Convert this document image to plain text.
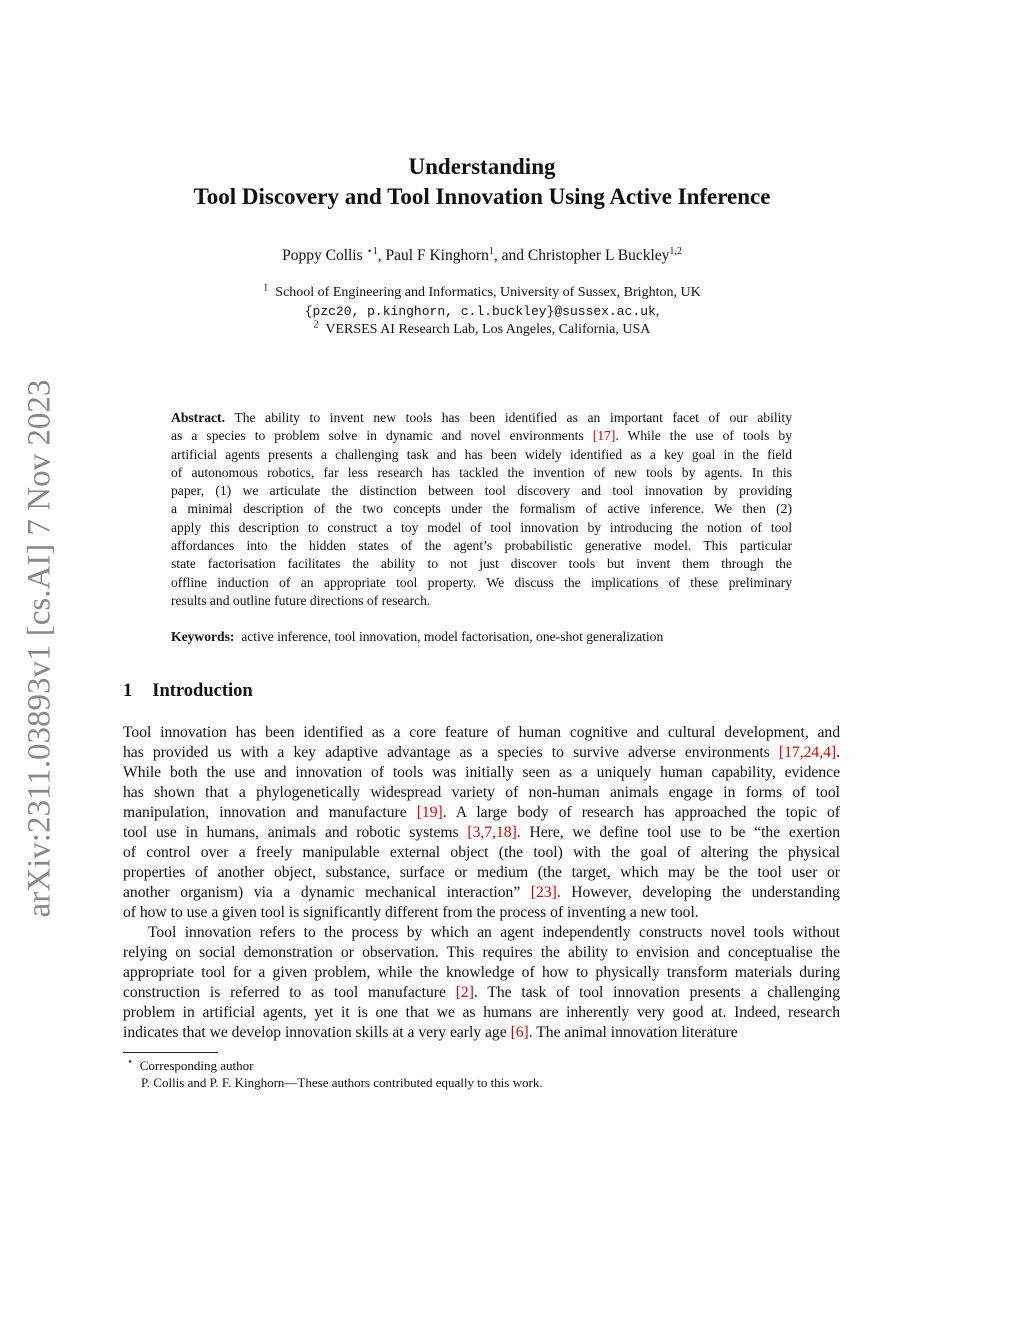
arXiv:2311.03893v1 [cs.AI] 7 Nov 2023
Understanding
Tool Discovery and Tool Innovation Using Active Inference
Poppy Collis $^{⋆1}$, Paul F Kinghorn$^1$, and Christopher L Buckley$^{1,2}$
$^1$ School of Engineering and Informatics, University of Sussex, Brighton, UK
{pzc20, p.kinghorn, c.l.buckley}@sussex.ac.uk,
$^2$ VERSES AI Research Lab, Los Angeles, California, USA
Abstract. The ability to invent new tools has been identified as an important facet of our ability
as a species to problem solve in dynamic and novel environments [17]. While the use of tools by
artificial agents presents a challenging task and has been widely identified as a key goal in the field
of autonomous robotics, far less research has tackled the invention of new tools by agents. In this
paper, (1) we articulate the distinction between tool discovery and tool innovation by providing
a minimal description of the two concepts under the formalism of active inference. We then (2)
apply this description to construct a toy model of tool innovation by introducing the notion of tool
affordances into the hidden states of the agent’s probabilistic generative model. This particular
state factorisation facilitates the ability to not just discover tools but invent them through the
offline induction of an appropriate tool property. We discuss the implications of these preliminary
results and outline future directions of research.
Keywords: active inference, tool innovation, model factorisation, one-shot generalization
1 Introduction
Tool innovation has been identified as a core feature of human cognitive and cultural development, and
has provided us with a key adaptive advantage as a species to survive adverse environments [17,24,4].
While both the use and innovation of tools was initially seen as a uniquely human capability, evidence
has shown that a phylogenetically widespread variety of non-human animals engage in forms of tool
manipulation, innovation and manufacture [19]. A large body of research has approached the topic of
tool use in humans, animals and robotic systems [3,7,18]. Here, we define tool use to be “the exertion
of control over a freely manipulable external object (the tool) with the goal of altering the physical
properties of another object, substance, surface or medium (the target, which may be the tool user or
another organism) via a dynamic mechanical interaction” [23]. However, developing the understanding
of how to use a given tool is significantly different from the process of inventing a new tool.
Tool innovation refers to the process by which an agent independently constructs novel tools without
relying on social demonstration or observation. This requires the ability to envision and conceptualise the
appropriate tool for a given problem, while the knowledge of how to physically transform materials during
construction is referred to as tool manufacture [2]. The task of tool innovation presents a challenging
problem in artificial agents, yet it is one that we as humans are inherently very good at. Indeed, research
indicates that we develop innovation skills at a very early age [6]. The animal innovation literature
⋆ Corresponding author
P. Collis and P. F. Kinghorn—These authors contributed equally to this work.
